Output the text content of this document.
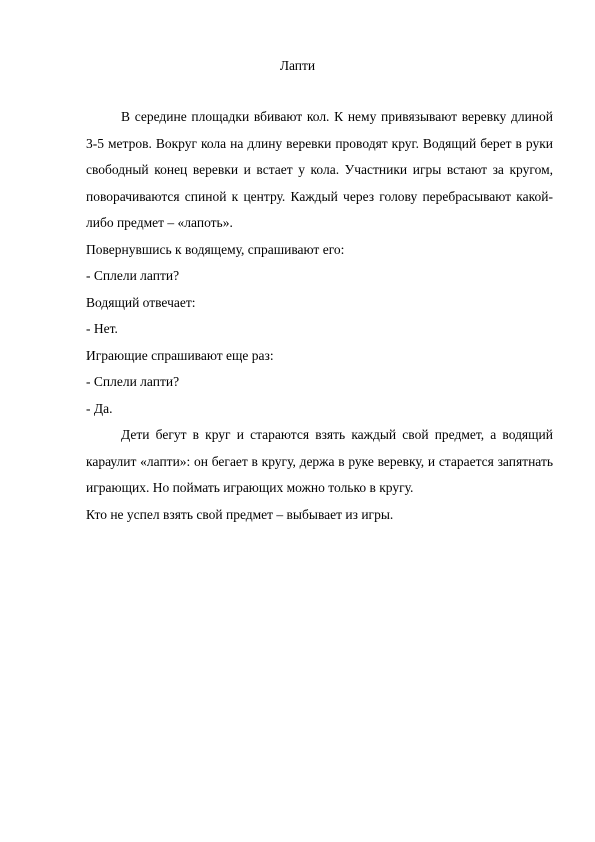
Лапти

В середине площадки вбивают кол. К нему привязывают веревку длиной 3-5 метров. Вокруг кола на длину веревки проводят круг. Водящий берет в руки свободный конец веревки и встает у кола. Участники игры встают за кругом, поворачиваются спиной к центру. Каждый через голову перебрасывают какой-либо предмет – «лапоть».

Повернувшись к водящему, спрашивают его:

- Сплели лапти?

Водящий отвечает:

- Нет.

Играющие спрашивают еще раз:

- Сплели лапти?

- Да.

Дети бегут в круг и стараются взять каждый свой предмет, а водящий караулит «лапти»: он бегает в кругу, держа в руке веревку, и старается запятнать играющих. Но поймать играющих можно только в кругу.

Кто не успел взять свой предмет – выбывает из игры.
